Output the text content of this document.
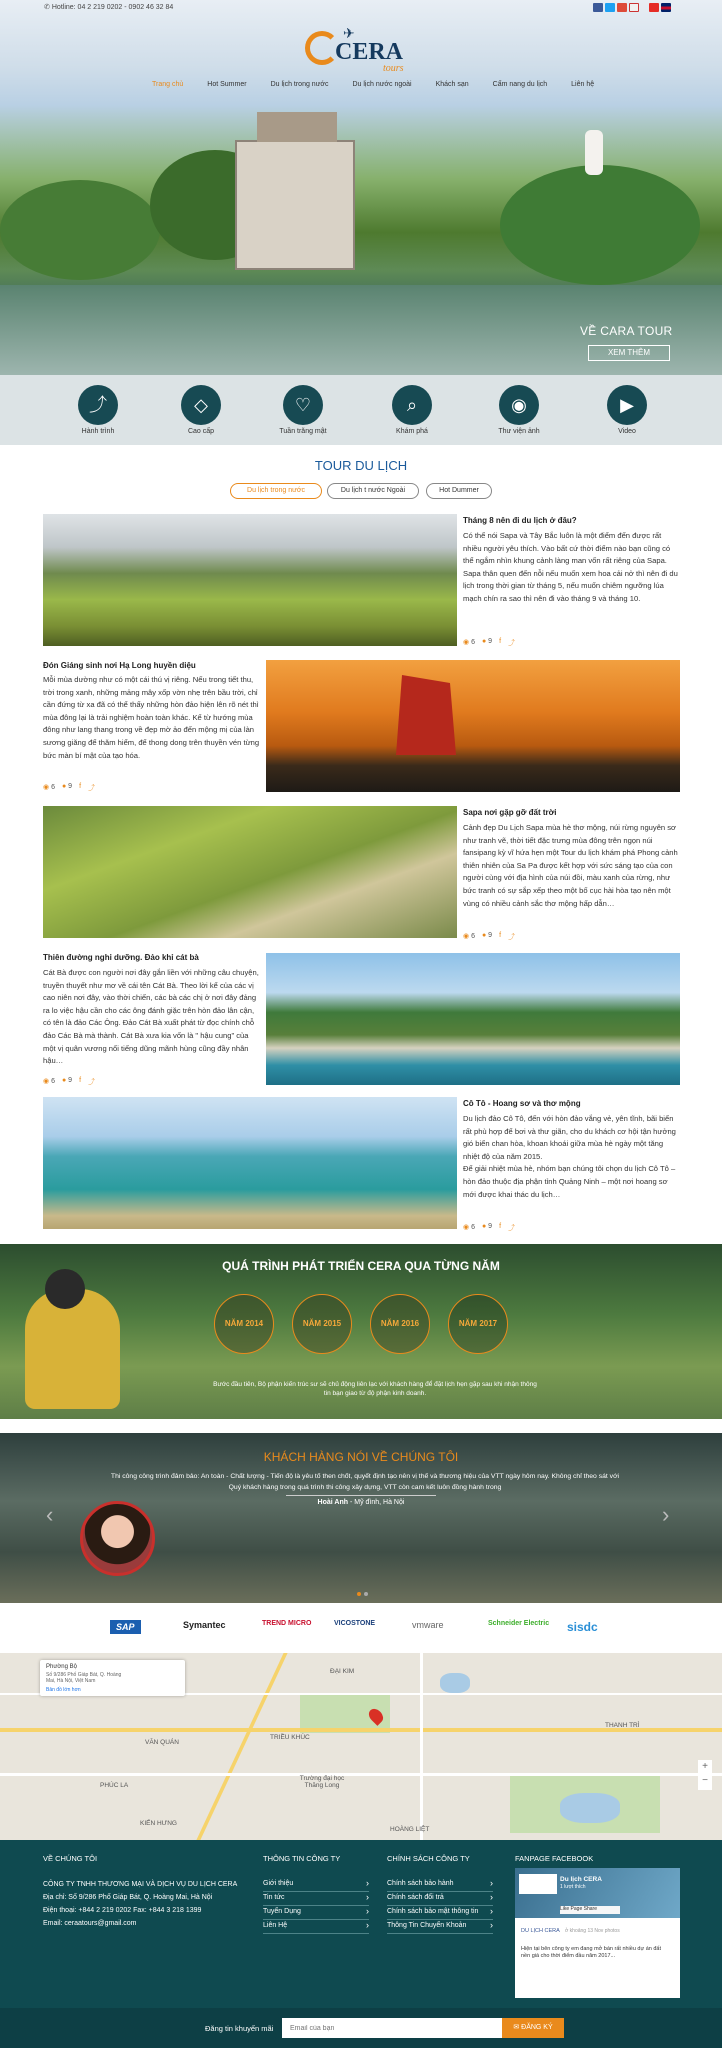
✆ Hotline: 04 2 219 0202 - 0902 46 32 84
✈
CERA
tours
Trang chủ	Hot Summer	Du lịch trong nước	Du lịch nước ngoài	Khách sạn	Cẩm nang du lịch	Liên hệ
VỀ CARA TOUR
XEM THÊM
⤴
Hành trình
◇
Cao cấp
♡
Tuần trăng mật
⌕
Khám phá
◉
Thư viện ảnh
▶
Video
TOUR DU LỊCH
Du lịch trong nước	Du lịch t nước Ngoài	Hot Dummer
Tháng 8 nên đi du lịch ở đâu?
Có thể nói Sapa và Tây Bắc luôn là một điểm đến được rất nhiều người yêu thích. Vào bất cứ thời điểm nào bạn cũng có thể ngắm nhìn khung cảnh làng man vốn rất riêng của Sapa. Sapa thân quen đến nỗi nếu muốn xem hoa cải nở thì nên đi du lịch trong thời gian từ tháng 5, nếu muốn chiêm ngưỡng lúa mạch chín ra sao thì nên đi vào tháng 9 và tháng 10.
◉ 6 ● 9 f ⤴
Đón Giáng sinh nơi Hạ Long huyền diệu
Mỗi mùa dường như có một cái thú vị riêng. Nếu trong tiết thu, trời trong xanh, những mảng mây xốp vờn nhẹ trên bầu trời, chỉ cần đứng từ xa đã có thể thấy những hòn đảo hiện lên rõ nét thì mùa đông lại là trải nghiệm hoàn toàn khác. Kể từ hướng mùa đông như lang thang trong về đẹp mờ ảo đến mộng mị của làn sương giăng để thăm hiểm, để thong dong trên thuyền vén từng bức màn bí mật của tạo hóa.
◉ 6 ● 9 f ⤴
Sapa nơi gặp gỡ đất trời
Cảnh đẹp Du Lịch Sapa mùa hè thơ mộng, núi rừng nguyên sơ như tranh vẽ, thời tiết đặc trưng mùa đông trên ngọn núi fansipang kỳ vĩ hứa hẹn một Tour du lịch khám phá Phong cảnh thiên nhiên của Sa Pa được kết hợp với sức sáng tạo của con người cùng với địa hình của núi đồi, màu xanh của rừng, như bức tranh có sự sắp xếp theo một bố cục hài hòa tạo nên một vùng có nhiều cảnh sắc thơ mộng hấp dẫn…
◉ 6 ● 9 f ⤴
Thiên đường nghỉ dưỡng. Đảo khỉ cát bà
Cát Bà được con người nơi đây gắn liền với những câu chuyện, truyền thuyết như mơ về cái tên Cát Bà. Theo lời kể của các vị cao niên nơi đây, vào thời chiến, các bà các chị ở nơi đây đảng ra lo việc hậu cần cho các ông đánh giặc trên hòn đảo lân cận, có tên là đảo Các Ông. Đảo Cát Bà xuất phát từ đọc chính chỗ đảo Các Bà mà thành. Cát Bà xưa kia vốn là " hậu cung" của một vị quân vương nổi tiếng dũng mãnh hùng cũng đầy nhân hậu…
◉ 6 ● 9 f ⤴
Cô Tô - Hoang sơ và thơ mộng
Du lịch đảo Cô Tô, đến với hòn đảo vắng vẻ, yên tĩnh, bãi biển rất phù hợp để bơi và thư giãn, cho du khách cơ hội tận hưởng gió biển chan hòa, khoan khoái giữa mùa hè ngày một tăng nhiệt độ của năm 2015.
Để giải nhiệt mùa hè, nhóm bạn chúng tôi chọn du lịch Cô Tô – hòn đảo thuộc địa phận tỉnh Quảng Ninh – một nơi hoang sơ mới được khai thác du lịch…
◉ 6 ● 9 f ⤴
QUÁ TRÌNH PHÁT TRIỂN CERA QUA TỪNG NĂM
NĂM 2014	NĂM 2015	NĂM 2016	NĂM 2017
Bước đầu tiên, Bộ phận kiến trúc sư sẽ chủ động liên lạc với khách hàng để đặt lịch hẹn gặp sau khi nhận thông tin bạn giao từ độ phận kinh doanh.
KHÁCH HÀNG NÓI VỀ CHÚNG TÔI
Thi công công trình đảm bảo: An toàn - Chất lượng - Tiến độ là yêu tố then chốt, quyết định tạo nên vị thế và thương hiệu của VTT ngày hôm nay. Không chỉ theo sát với Quý khách hàng trong quá trình thi công xây dựng, VTT còn cam kết luôn đồng hành trong
Hoài Anh - Mỹ đình, Hà Nội
‹	›
SAP	Symantec	TREND MICRO	VICOSTONE	vmware	Schneider Electric sisdc
Phường Bộ
Số 9/286 Phố Giáp Bát, Q. Hoàng Mai, Hà Nội, Việt Nam
Bản đồ lớn hơn
TRIỀU KHÚC
VĂN QUÁN
PHÚC LA
KIẾN HƯNG
Trường đại học Thăng Long
HOÀNG LIỆT
ĐẠI KIM
THANH TRÌ
+
−
VỀ CHÚNG TÔI
CÔNG TY TNHH THƯƠNG MẠI VÀ DỊCH VỤ DU LỊCH CERA
Địa chỉ: Số 9/286 Phố Giáp Bát, Q. Hoàng Mai, Hà Nội
Điện thoại: +844 2 219 0202 Fax: +844 3 218 1399
Email: ceraatours@gmail.com
THÔNG TIN CÔNG TY
Giới thiệu ›
Tin tức ›
Tuyển Dụng ›
Liên Hệ ›
CHÍNH SÁCH CÔNG TY
Chính sách bảo hành ›
Chính sách đổi trả ›
Chính sách bảo mật thông tin ›
Thông Tin Chuyển Khoản ›
FANPAGE FACEBOOK
Du lịch CERA
1 lượt thích
Like Page Share
DU LỊCH CERA ở khoảng 13 Nov photos
Hiện tại bên công ty em đang mở bán rất nhiều dự án đất nền giá cho thời điểm đầu năm 2017...
Đăng tin khuyến mãi
Email của bạn	✉ ĐĂNG KÝ
